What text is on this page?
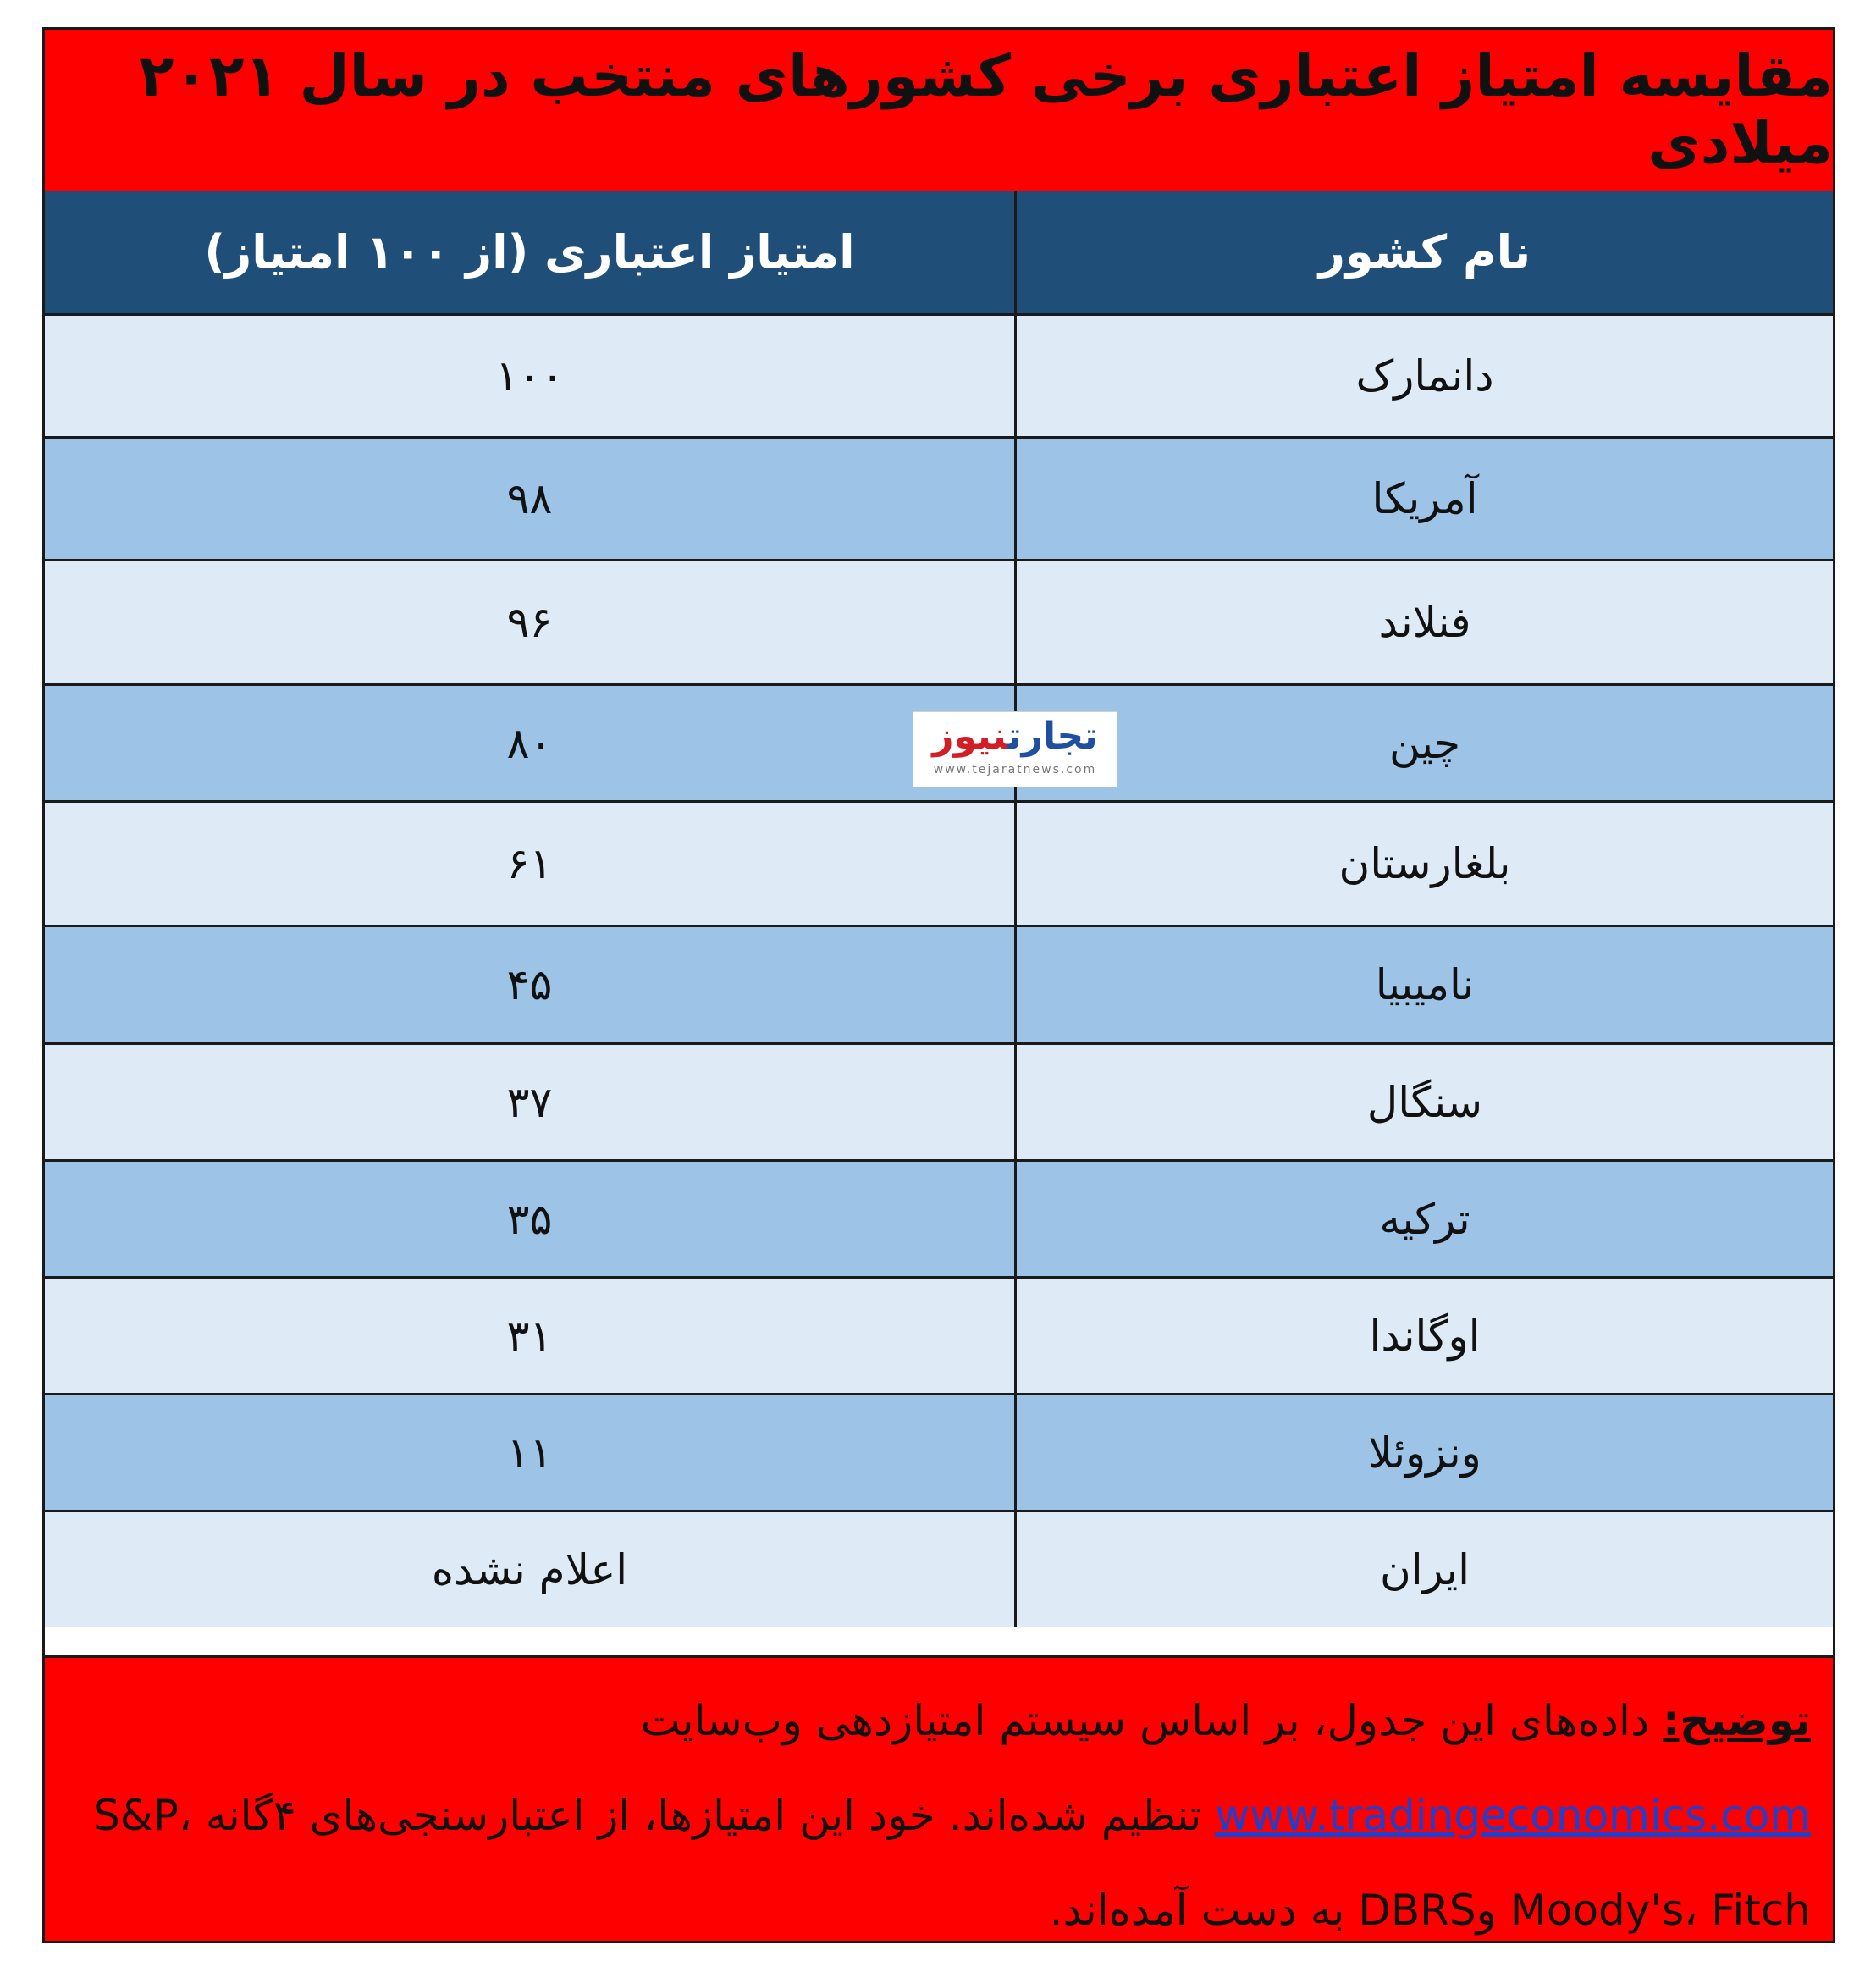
مقایسه امتیاز اعتباری برخی کشورهای منتخب در سال ۲۰۲۱ میلادی
نام کشور
امتیاز اعتباری (از ۱۰۰ امتیاز)
دانمارک
۱۰۰
آمریکا
۹۸
فنلاند
۹۶
چین
۸۰
بلغارستان
۶۱
نامیبیا
۴۵
سنگال
۳۷
ترکیه
۳۵
اوگاندا
۳۱
ونزوئلا
۱۱
ایران
اعلام نشده
توضیح: داده‌های این جدول، بر اساس سیستم امتیازدهی وب‌سایت www.tradingeconomics.com تنظیم شده‌اند. خود این امتیازها، از اعتبارسنجی‌های ۴گانه S&P، Moody's، Fitch وDBRS به دست آمده‌اند.
تجارتنیوز
www.tejaratnews.com
